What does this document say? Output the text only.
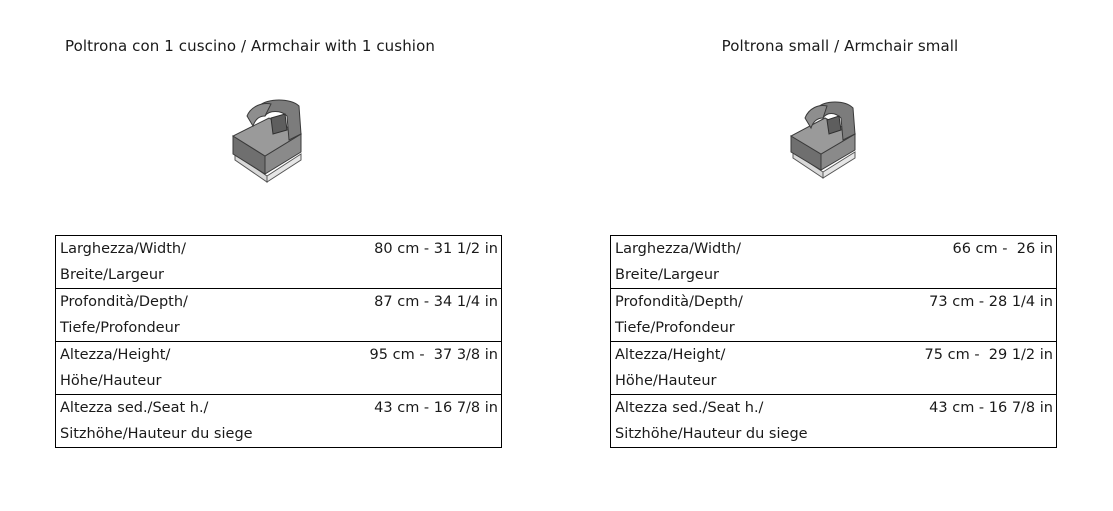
Poltrona con 1 cuscino / Armchair with 1 cushion
Larghezza/Width/
Breite/Largeur	80 cm - 31 1/2 in

Profondità/Depth/
Tiefe/Profondeur	87 cm - 34 1/4 in

Altezza/Height/
Höhe/Hauteur	95 cm -  37 3/8 in

Altezza sed./Seat h./
Sitzhöhe/Hauteur du siege	43 cm - 16 7/8 in
Poltrona small / Armchair small
Larghezza/Width/
Breite/Largeur	66 cm -  26 in

Profondità/Depth/
Tiefe/Profondeur	73 cm - 28 1/4 in

Altezza/Height/
Höhe/Hauteur	75 cm -  29 1/2 in

Altezza sed./Seat h./
Sitzhöhe/Hauteur du siege	43 cm - 16 7/8 in
